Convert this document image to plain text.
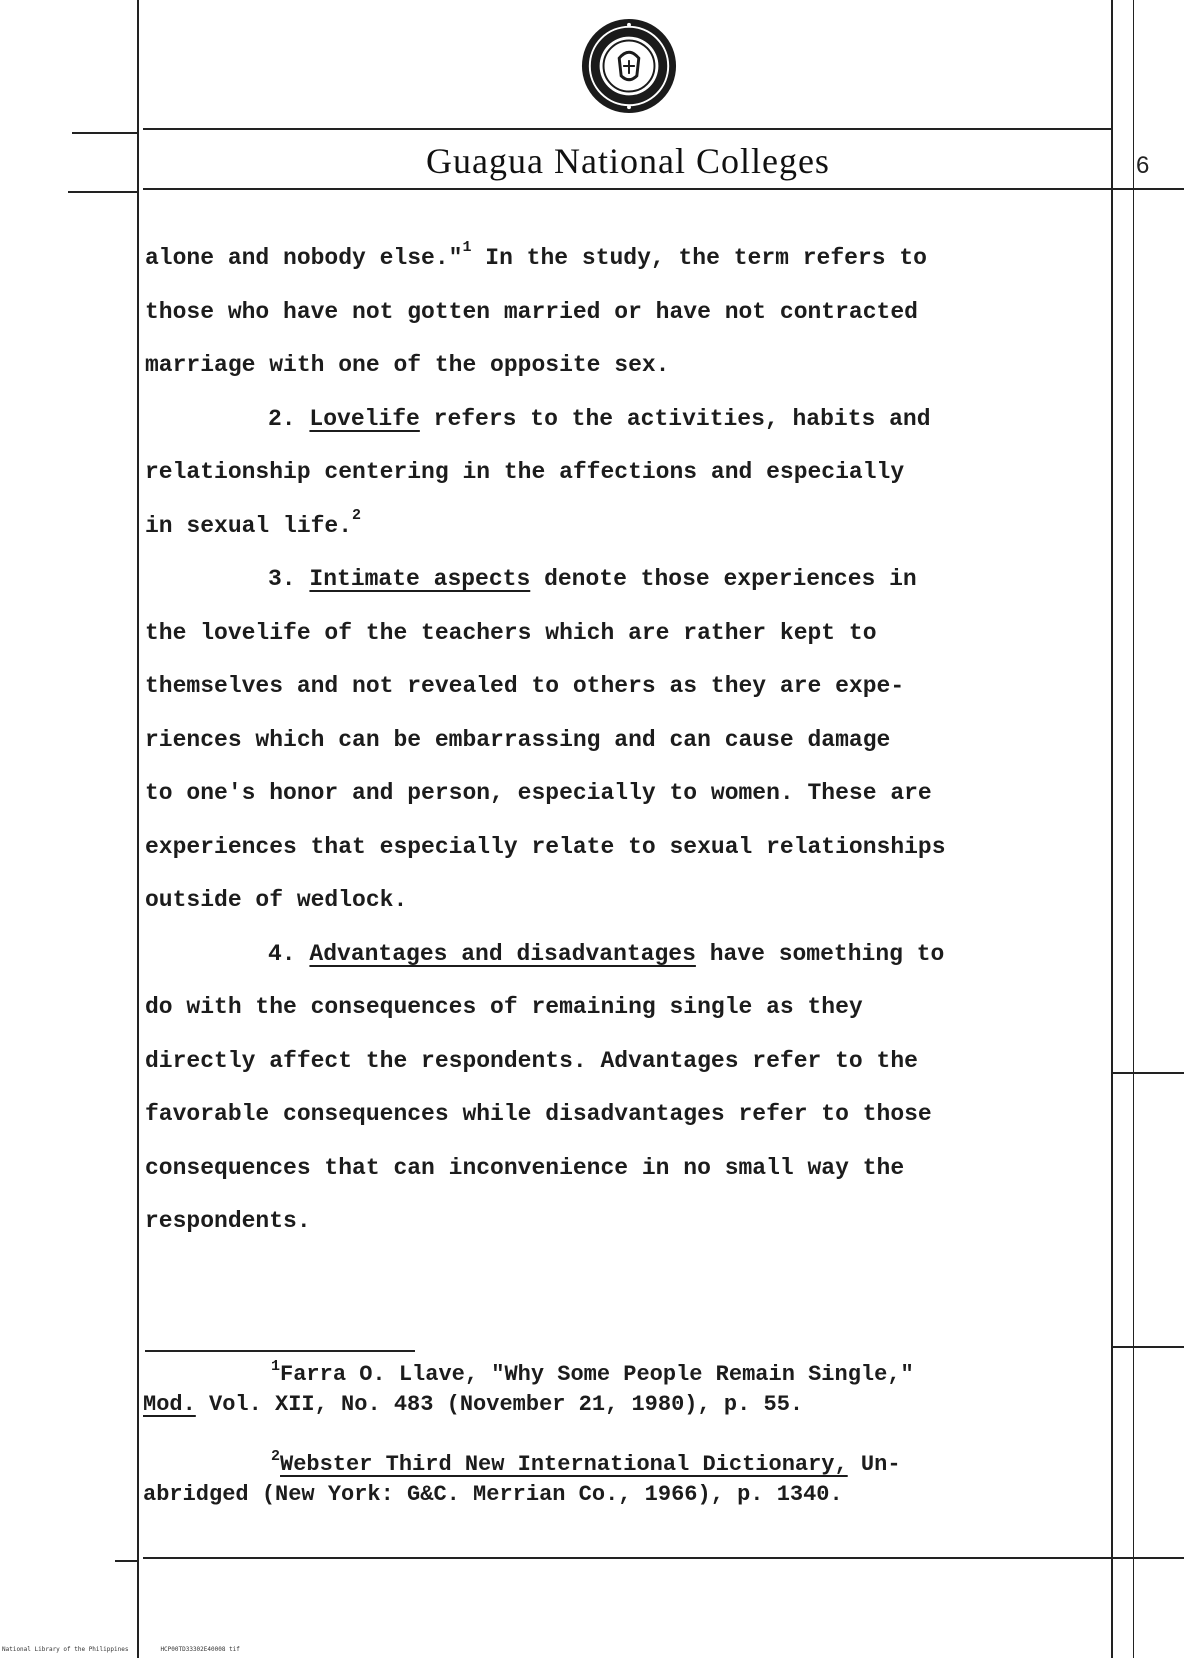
Guagua National Colleges	6
alone and nobody else."$^1$ In the study, the term refers to
those who have not gotten married or have not contracted
marriage with one of the opposite sex.
2. Lovelife refers to the activities, habits and
relationship centering in the affections and especially
in sexual life.$^2$
3. Intimate aspects denote those experiences in
the lovelife of the teachers which are rather kept to
themselves and not revealed to others as they are expe-
riences which can be embarrassing and can cause damage
to one's honor and person, especially to women. These are
experiences that especially relate to sexual relationships
outside of wedlock.
4. Advantages and disadvantages have something to
do with the consequences of remaining single as they
directly affect the respondents. Advantages refer to the
favorable consequences while disadvantages refer to those
consequences that can inconvenience in no small way the
respondents.
$^1$Farra O. Llave, "Why Some People Remain Single,"
Mod. Vol. XII, No. 483 (November 21, 1980), p. 55.
$^2$Webster Third New International Dictionary, Un-
abridged (New York: G&C. Merrian Co., 1966), p. 1340.
National Library of the Philippines	HCP00TD33302E40008 tif
